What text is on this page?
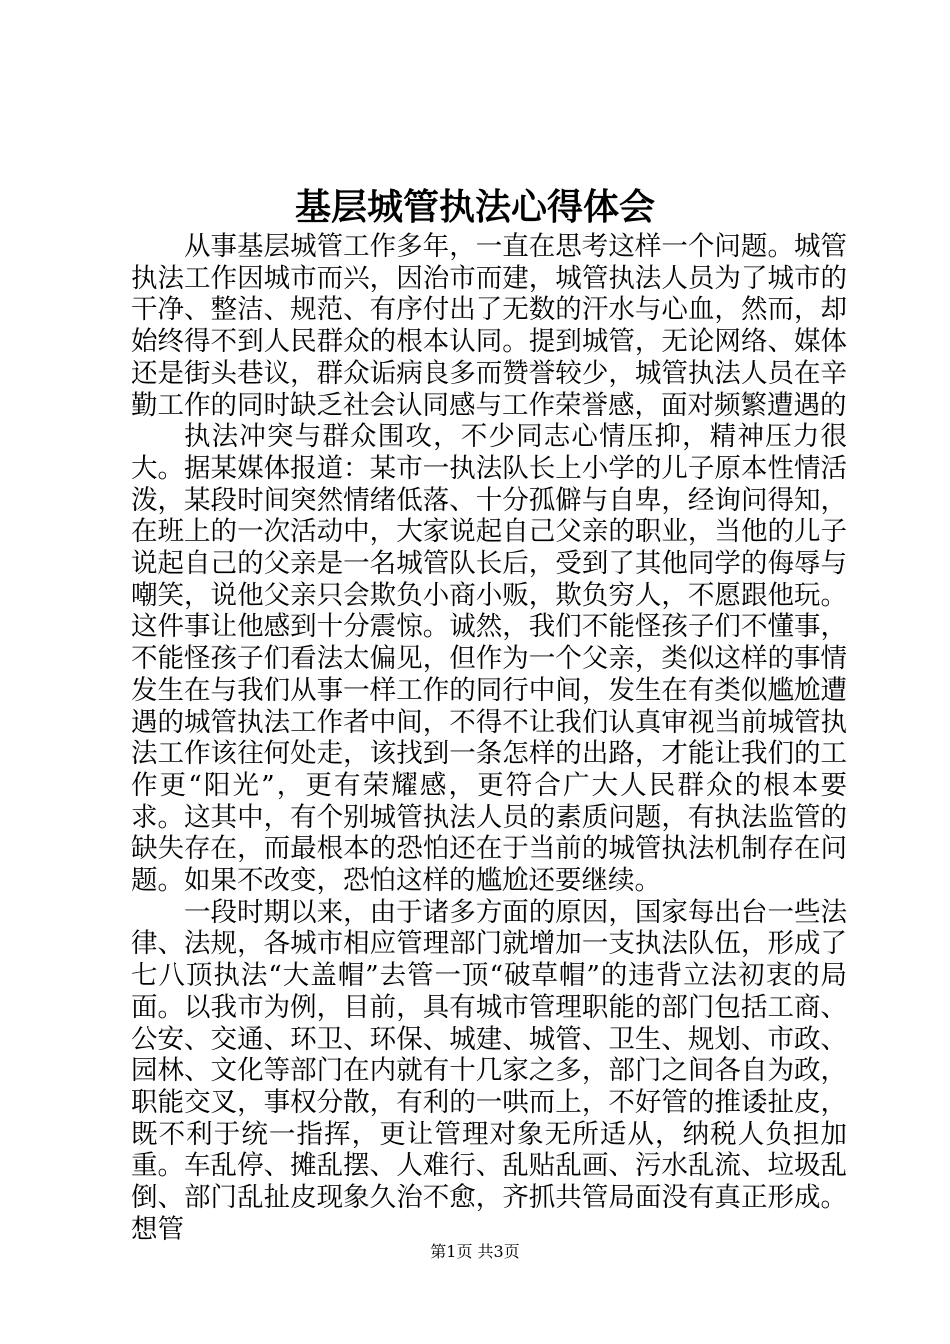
基层城管执法心得体会

从事基层城管工作多年，一直在思考这样一个问题。城管执法工作因城市而兴，因治市而建，城管执法人员为了城市的干净、整洁、规范、有序付出了无数的汗水与心血，然而，却始终得不到人民群众的根本认同。提到城管，无论网络、媒体还是街头巷议，群众诟病良多而赞誉较少，城管执法人员在辛勤工作的同时缺乏社会认同感与工作荣誉感，面对频繁遭遇的

执法冲突与群众围攻，不少同志心情压抑，精神压力很大。据某媒体报道：某市一执法队长上小学的儿子原本性情活泼，某段时间突然情绪低落、十分孤僻与自卑，经询问得知，在班上的一次活动中，大家说起自己父亲的职业，当他的儿子说起自己的父亲是一名城管队长后，受到了其他同学的侮辱与嘲笑，说他父亲只会欺负小商小贩，欺负穷人，不愿跟他玩。这件事让他感到十分震惊。诚然，我们不能怪孩子们不懂事，不能怪孩子们看法太偏见，但作为一个父亲，类似这样的事情发生在与我们从事一样工作的同行中间，发生在有类似尴尬遭遇的城管执法工作者中间，不得不让我们认真审视当前城管执法工作该往何处走，该找到一条怎样的出路，才能让我们的工作更“阳光”，更有荣耀感，更符合广大人民群众的根本要求。这其中，有个别城管执法人员的素质问题，有执法监管的缺失存在，而最根本的恐怕还在于当前的城管执法机制存在问题。如果不改变，恐怕这样的尴尬还要继续。

一段时期以来，由于诸多方面的原因，国家每出台一些法律、法规，各城市相应管理部门就增加一支执法队伍，形成了七八顶执法“大盖帽”去管一顶“破草帽”的违背立法初衷的局面。以我市为例，目前，具有城市管理职能的部门包括工商、公安、交通、环卫、环保、城建、城管、卫生、规划、市政、园林、文化等部门在内就有十几家之多，部门之间各自为政，职能交叉，事权分散，有利的一哄而上，不好管的推诿扯皮，既不利于统一指挥，更让管理对象无所适从，纳税人负担加重。车乱停、摊乱摆、人难行、乱贴乱画、污水乱流、垃圾乱倒、部门乱扯皮现象久治不愈，齐抓共管局面没有真正形成。想管

第1页 共3页
